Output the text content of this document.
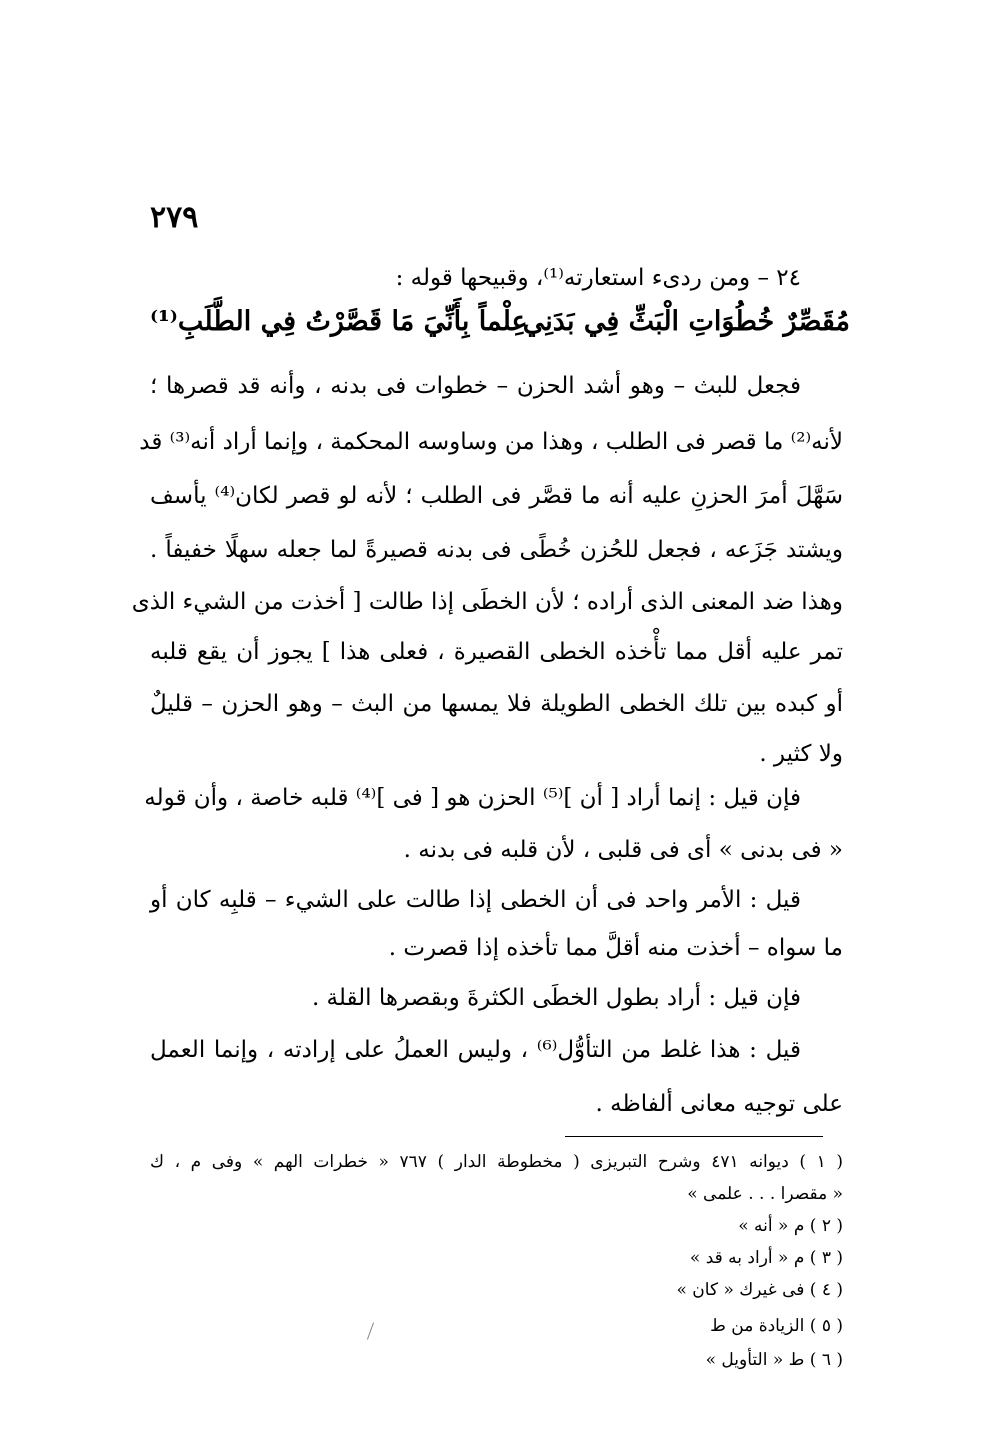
٢٧٩
٢٤ – ومن ردىء استعارته⁽¹⁾، وقبيحها قوله :
مُقَصِّرٌ خُطُوَاتِ الْبَثِّ فِي بَدَنِي
عِلْماً بِأَنِّيَ مَا قَصَّرْتُ فِي الطَّلَبِ⁽¹⁾
فجعل للبث – وهو أشد الحزن – خطوات فى بدنه ، وأنه قد قصرها ؛
لأنه⁽²⁾ ما قصر فى الطلب ، وهذا من وساوسه المحكمة ، وإنما أراد أنه⁽³⁾ قد
سَهَّلَ أمرَ الحزنِ عليه أنه ما قصَّر فى الطلب ؛ لأنه لو قصر لكان⁽⁴⁾ يأسف
ويشتد جَزَعه ، فجعل للحُزن خُطًى فى بدنه قصيرةً لما جعله سهلًا خفيفاً .
وهذا ضد المعنى الذى أراده ؛ لأن الخطَى إذا طالت [ أخذت من الشيء الذى
تمر عليه أقل مما تأْخذه الخطى القصيرة ، فعلى هذا ] يجوز أن يقع قلبه
أو كبده بين تلك الخطى الطويلة فلا يمسها من البث – وهو الحزن – قليلٌ
ولا كثير .
فإن قيل : إنما أراد [ أن ]⁽⁵⁾ الحزن هو [ فى ]⁽⁴⁾ قلبه خاصة ، وأن قوله
« فى بدنى » أى فى قلبى ، لأن قلبه فى بدنه .
قيل : الأمر واحد فى أن الخطى إذا طالت على الشيء – قلبِه كان أو
ما سواه – أخذت منه أقلَّ مما تأخذه إذا قصرت .
فإن قيل : أراد بطول الخطَى الكثرةَ وبقصرها القلة .
قيل : هذا غلط من التأوُّل⁽⁶⁾ ، وليس العملُ على إرادته ، وإنما العمل
على توجيه معانى ألفاظه .
( ١ ) ديوانه ٤٧١ وشرح التبريزى ( مخطوطة الدار ) ٧٦٧ « خطرات الهم » وفى م ، ك
« مقصرا . . . علمى »
( ٢ ) م « أنه »
( ٣ ) م « أراد به قد »
( ٤ ) فى غيرك « كان »
( ٥ ) الزيادة من ط
( ٦ ) ط « التأويل »
